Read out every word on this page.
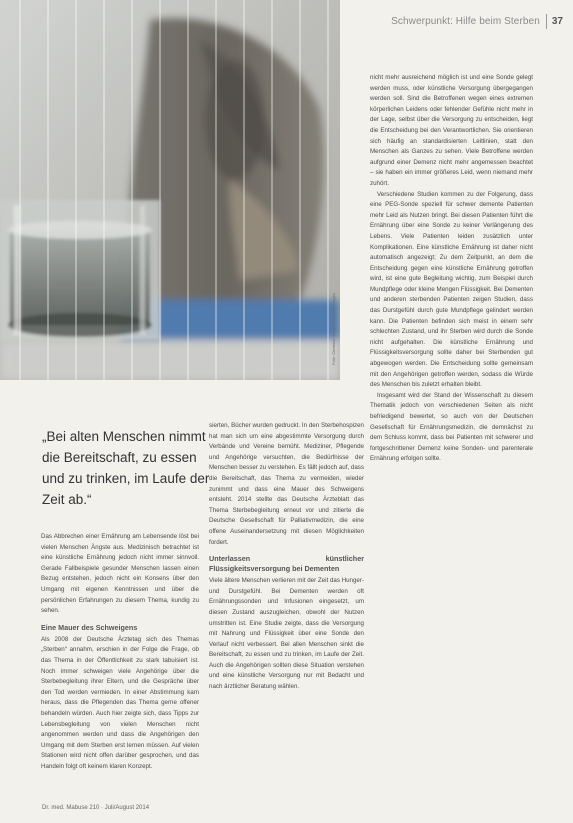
Foto: Christian Hendel/bildhauer-Images
Schwerpunkt: Hilfe beim Sterben 37
„Bei alten Menschen nimmt die Bereitschaft, zu essen und zu trinken, im Laufe der Zeit ab.“

Das Abbrechen einer Ernährung am Lebensende löst bei vielen Menschen Ängste aus. Medizinisch betrachtet ist eine künstliche Ernährung jedoch nicht immer sinnvoll. Gerade Fallbeispiele gesunder Menschen lassen einen Bezug entstehen, jedoch nicht ein Konsens über den Umgang mit eigenen Kenntnissen und über die persönlichen Erfahrungen zu diesem Thema, kundig zu sehen.

Eine Mauer des Schweigens

Als 2008 der Deutsche Ärztetag sich des Themas „Sterben“ annahm, erschien in der Folge die Frage, ob das Thema in der Öffentlichkeit zu stark tabuisiert ist. Noch immer schweigen viele Angehörige über die Sterbebegleitung ihrer Eltern, und die Gespräche über den Tod werden vermieden. In einer Abstimmung kam heraus, dass die Pflegenden das Thema gerne offener behandeln würden. Auch hier zeigte sich, dass Tipps zur Lebensbegleitung von vielen Menschen nicht angenommen werden und dass die Angehörigen den Umgang mit dem Sterben erst lernen müssen. Auf vielen Stationen wird nicht offen darüber gesprochen, und das Handeln folgt oft keinem klaren Konzept.

sierten, Bücher wurden gedruckt. In den Sterbehospizen hat man sich um eine abgestimmte Versorgung durch Verbände und Vereine bemüht. Mediziner, Pflegende und Angehörige versuchten, die Bedürfnisse der Menschen besser zu verstehen. Es fällt jedoch auf, dass die Bereitschaft, das Thema zu vermeiden, wieder zunimmt und dass eine Mauer des Schweigens entsteht. 2014 stellte das Deutsche Ärzteblatt das Thema Sterbebegleitung erneut vor und zitierte die Deutsche Gesellschaft für Palliativmedizin, die eine offene Auseinandersetzung mit diesen Möglichkeiten fordert.

Unterlassen künstlicher Flüssigkeitsversorgung bei Dementen

Viele ältere Menschen verlieren mit der Zeit das Hunger- und Durstgefühl. Bei Dementen werden oft Ernährungssonden und Infusionen eingesetzt, um diesen Zustand auszugleichen, obwohl der Nutzen umstritten ist. Eine Studie zeigte, dass die Versorgung mit Nahrung und Flüssigkeit über eine Sonde den Verlauf nicht verbessert. Bei allen Menschen sinkt die Bereitschaft, zu essen und zu trinken, im Laufe der Zeit. Auch die Angehörigen sollten diese Situation verstehen und eine künstliche Versorgung nur mit Bedacht und nach ärztlicher Beratung wählen.

nicht mehr ausreichend möglich ist und eine Sonde gelegt werden muss, oder künstliche Versorgung übergegangen werden soll. Sind die Betroffenen wegen eines extremen körperlichen Leidens oder fehlender Gefühle nicht mehr in der Lage, selbst über die Versorgung zu entscheiden, liegt die Entscheidung bei den Verantwortlichen. Sie orientieren sich häufig an standardisierten Leitlinien, statt den Menschen als Ganzes zu sehen. Viele Betroffene werden aufgrund einer Demenz nicht mehr angemessen beachtet – sie haben ein immer größeres Leid, wenn niemand mehr zuhört.

Verschiedene Studien kommen zu der Folgerung, dass eine PEG-Sonde speziell für schwer demente Patienten mehr Leid als Nutzen bringt. Bei diesen Patienten führt die Ernährung über eine Sonde zu keiner Verlängerung des Lebens. Viele Patienten leiden zusätzlich unter Komplikationen. Eine künstliche Ernährung ist daher nicht automatisch angezeigt; Zu dem Zeitpunkt, an dem die Entscheidung gegen eine künstliche Ernährung getroffen wird, ist eine gute Begleitung wichtig, zum Beispiel durch Mundpflege oder kleine Mengen Flüssigkeit. Bei Dementen und anderen sterbenden Patienten zeigen Studien, dass das Durstgefühl durch gute Mundpflege gelindert werden kann. Die Patienten befinden sich meist in einem sehr schlechten Zustand, und ihr Sterben wird durch die Sonde nicht aufgehalten. Die künstliche Ernährung und Flüssigkeitsversorgung sollte daher bei Sterbenden gut abgewogen werden. Die Entscheidung sollte gemeinsam mit den Angehörigen getroffen werden, sodass die Würde des Menschen bis zuletzt erhalten bleibt.

Insgesamt wird der Stand der Wissenschaft zu diesem Thematik jedoch von verschiedenen Seiten als nicht befriedigend bewertet, so auch von der Deutschen Gesellschaft für Ernährungsmedizin, die demnächst zu dem Schluss kommt, dass bei Patienten mit schwerer und fortgeschrittener Demenz keine Sonden- und parenterale Ernährung erfolgen sollte.

Dr. med. Mabuse 210 · Juli/August 2014
